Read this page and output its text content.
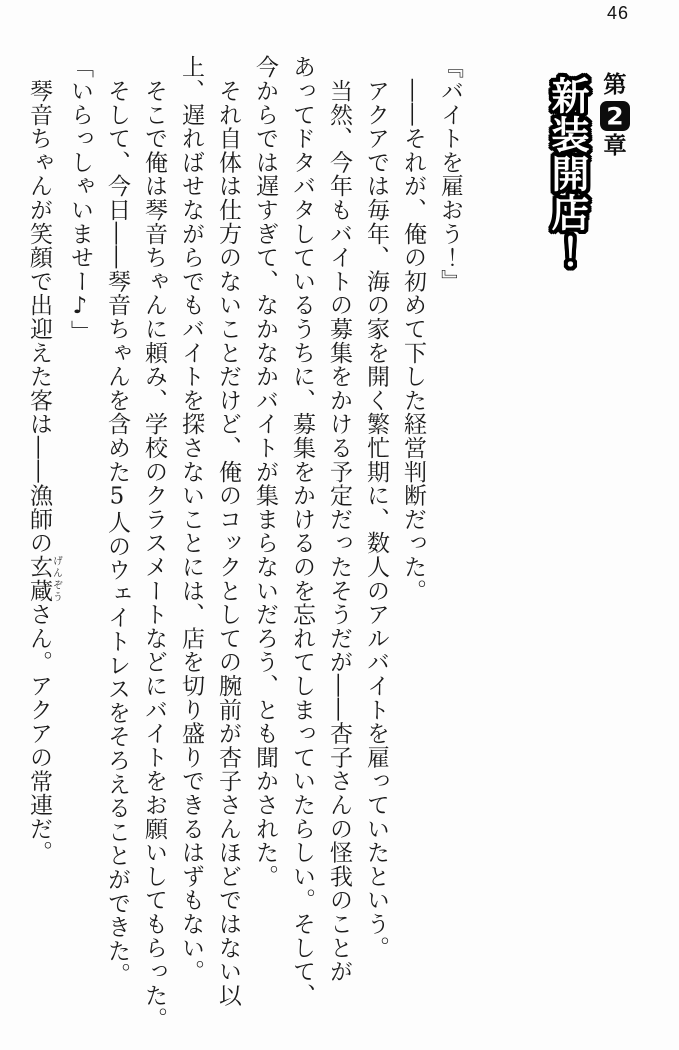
46
第
2
章
新装開店！

『バイトを雇おう！』

　――それが、俺の初めて下した経営判断だった。

　アクアでは毎年、海の家を開く繁忙期に、数人のアルバイトを雇っていたという。

　当然、今年もバイトの募集をかける予定だったそうだが――杏子さんの怪我のことが

あってドタバタしているうちに、募集をかけるのを忘れてしまっていたらしい。そして、

今からでは遅すぎて、なかなかバイトが集まらないだろう、とも聞かされた。

　それ自体は仕方のないことだけど、俺のコックとしての腕前が杏子さんほどではない以

上、遅ればせながらでもバイトを探さないことには、店を切り盛りできるはずもない。

　そこで俺は琴音ちゃんに頼み、学校のクラスメートなどにバイトをお願いしてもらった。

　そして、今日――琴音ちゃんを含めた5人のウェイトレスをそろえることができた。

「いらっしゃいませー♪」

　琴音ちゃんが笑顔で出迎えた客は――漁師の玄蔵げんぞうさん。アクアの常連だ。
